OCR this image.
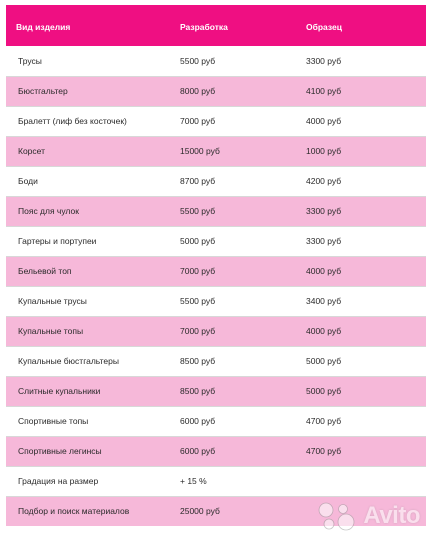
Вид изделия	Разработка	Образец
Трусы	5500 руб	3300 руб
Бюстгальтер	8000 руб	4100 руб
Бралетт (лиф без косточек)	7000 руб	4000 руб
Корсет	15000 руб	1000 руб
Боди	8700 руб	4200 руб
Пояс для чулок	5500 руб	3300 руб
Гартеры и портупеи	5000 руб	3300 руб
Бельевой топ	7000 руб	4000 руб
Купальные трусы	5500 руб	3400 руб
Купальные топы	7000 руб	4000 руб
Купальные бюстгальтеры	8500 руб	5000 руб
Слитные купальники	8500 руб	5000 руб
Спортивные топы	6000 руб	4700 руб
Спортивные легинсы	6000 руб	4700 руб
Градация на размер	+ 15 %	
Подбор и поиск материалов	25000 руб		Avito
